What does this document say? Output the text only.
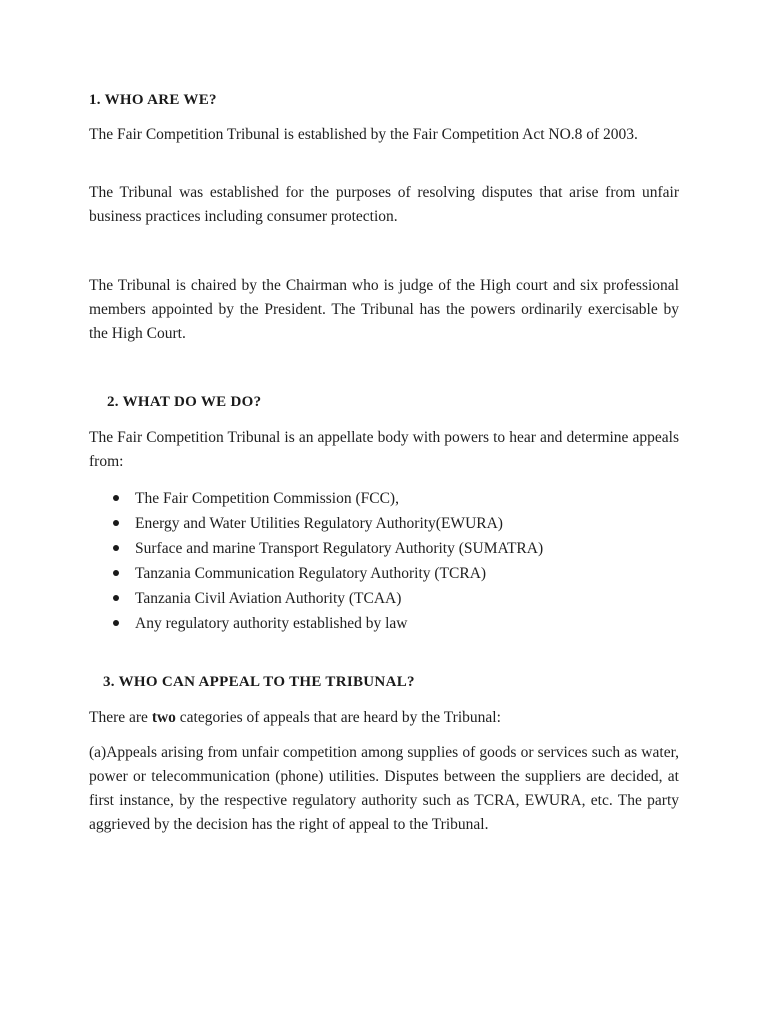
1. WHO ARE WE?

The Fair Competition Tribunal is established by the Fair Competition Act NO.8 of 2003.

The Tribunal was established for the purposes of resolving disputes that arise from unfair business practices including consumer protection.

The Tribunal is chaired by the Chairman who is judge of the High court and six professional members appointed by the President. The Tribunal has the powers ordinarily exercisable by the High Court.

2. WHAT DO WE DO?

The Fair Competition Tribunal is an appellate body with powers to hear and determine appeals from:

The Fair Competition Commission (FCC),
Energy and Water Utilities Regulatory Authority(EWURA)
Surface and marine Transport Regulatory Authority (SUMATRA)
Tanzania Communication Regulatory Authority (TCRA)
Tanzania Civil Aviation Authority (TCAA)
Any regulatory authority established by law
3. WHO CAN APPEAL TO THE TRIBUNAL?

There are two categories of appeals that are heard by the Tribunal:

(a)Appeals arising from unfair competition among supplies of goods or services such as water, power or telecommunication (phone) utilities. Disputes between the suppliers are decided, at first instance, by the respective regulatory authority such as TCRA, EWURA, etc. The party aggrieved by the decision has the right of appeal to the Tribunal.
